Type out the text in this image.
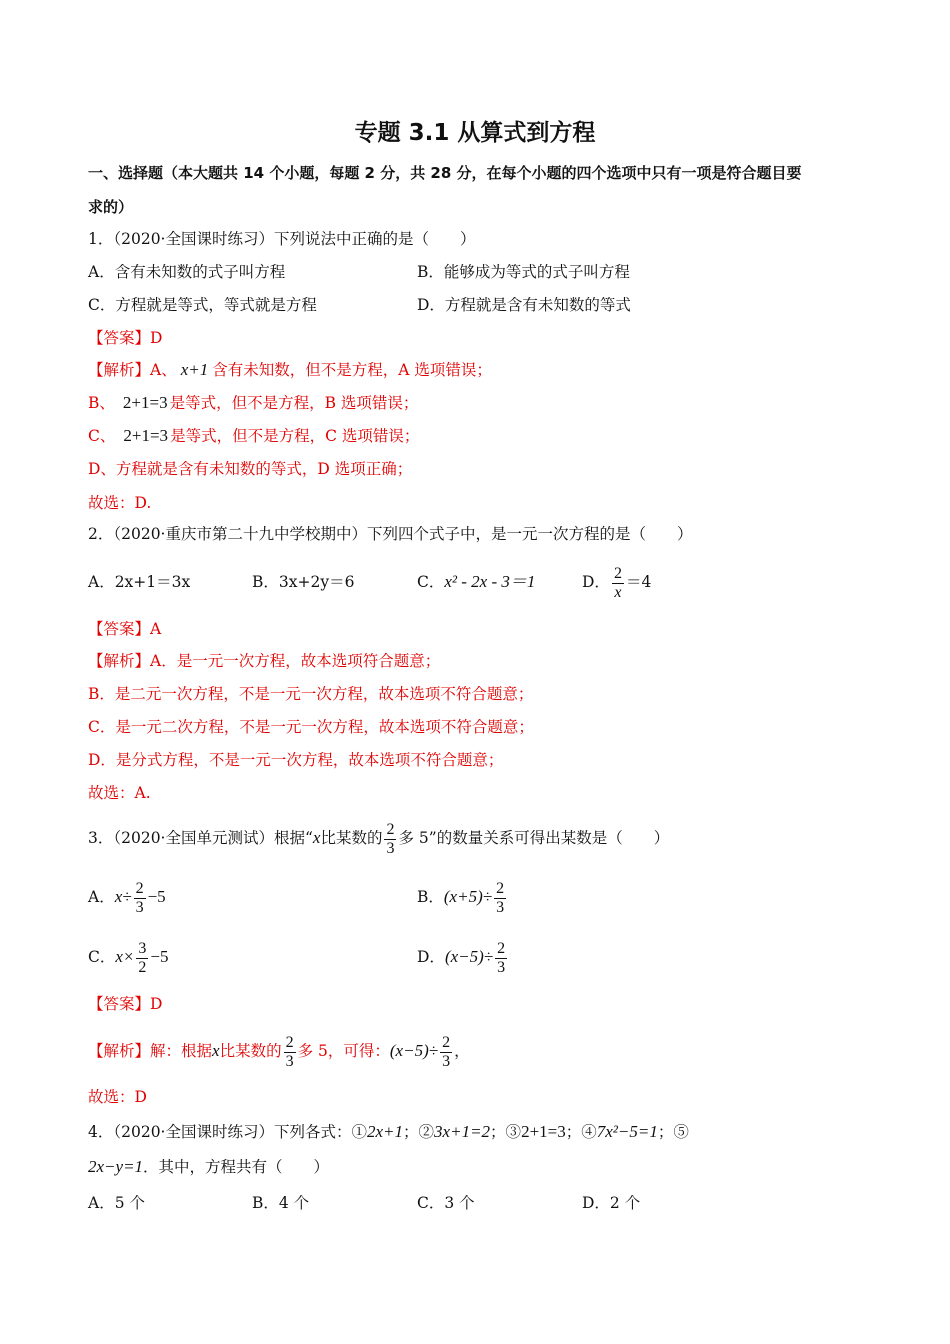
专题 3.1 从算式到方程
一、选择题（本大题共 14 个小题，每题 2 分，共 28 分，在每个小题的四个选项中只有一项是符合题目要
求的）
1．（2020·全国课时练习）下列说法中正确的是（　　）
A．含有未知数的式子叫方程	B．能够成为等式的式子叫方程
C．方程就是等式，等式就是方程	D．方程就是含有未知数的等式
【答案】D
【解析】A、 x+1 含有未知数，但不是方程，A 选项错误；
B、 2+1=3 是等式，但不是方程，B 选项错误；
C、 2+1=3 是等式，但不是方程，C 选项错误；
D、方程就是含有未知数的等式，D 选项正确；
故选：D.
2．（2020·重庆市第二十九中学校期中）下列四个式子中，是一元一次方程的是（　　）
A．2x+1＝3x	B．3x+2y＝6	C．x² - 2x - 3＝1	D． $\frac{2}{x} =4$
【答案】A
【解析】A．是一元一次方程，故本选项符合题意；
B．是二元一次方程，不是一元一次方程，故本选项不符合题意；
C．是一元二次方程，不是一元一次方程，故本选项不符合题意；
D．是分式方程，不是一元一次方程，故本选项不符合题意；
故选：A.
3．（2020·全国单元测试）根据“x比某数的 $\frac{2}{3}$ 多 5”的数量关系可得出某数是（　　）
A．$x\div \frac{2}{3} -5$	B．$(x+5)\div \frac{2}{3}$
C．$x\times \frac{3}{2} -5$	D．$(x-5)\div \frac{2}{3}$
【答案】D
【解析】解：根据x比某数的 $\frac{2}{3}$ 多 5，可得：$(x-5)\div \frac{2}{3}$ ，
故选：D
4．（2020·全国课时练习）下列各式：①2x+1；②3x+1=2；③2+1=3；④7x²−5=1；⑤
2x−y=1．其中，方程共有（　　）
A．5 个	B．4 个	C．3 个	D．2 个
